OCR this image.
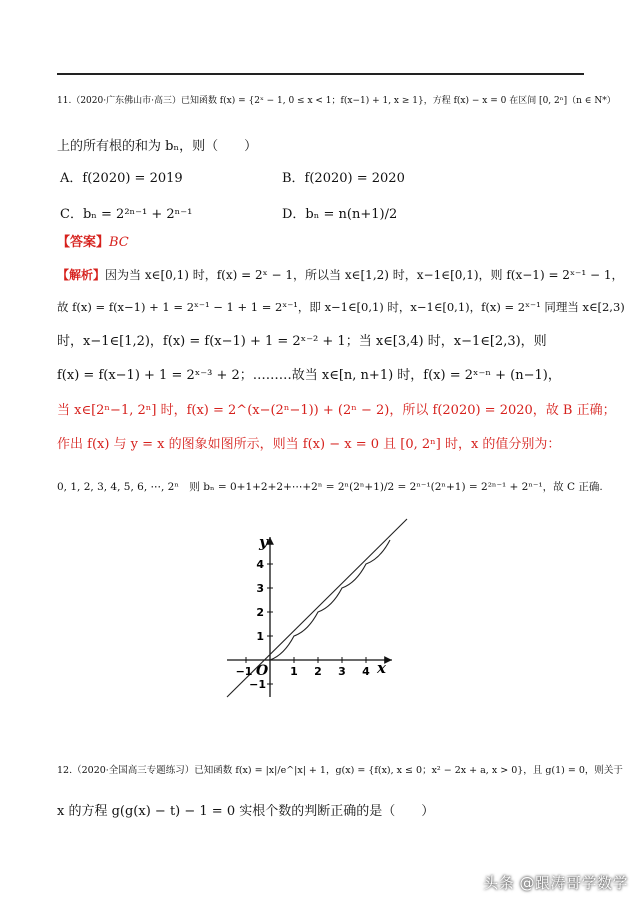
11.（2020·广东佛山市·高三）已知函数 f(x) = {2ˣ − 1, 0 ≤ x < 1；f(x−1) + 1, x ≥ 1}，方程 f(x) − x = 0 在区间 [0, 2ⁿ]（n ∈ N*）
上的所有根的和为 bₙ，则（　　）
A．f(2020) = 2019	B．f(2020) = 2020
C．bₙ = 2²ⁿ⁻¹ + 2ⁿ⁻¹	D．bₙ = n(n+1)/2
【答案】BC
【解析】因为当 x∈[0,1) 时，f(x) = 2ˣ − 1，所以当 x∈[1,2) 时，x−1∈[0,1)，则 f(x−1) = 2ˣ⁻¹ − 1，
故 f(x) = f(x−1) + 1 = 2ˣ⁻¹ − 1 + 1 = 2ˣ⁻¹，即 x−1∈[0,1) 时，x−1∈[0,1)，f(x) = 2ˣ⁻¹ 同理当 x∈[2,3)
时，x−1∈[1,2)，f(x) = f(x−1) + 1 = 2ˣ⁻² + 1；当 x∈[3,4) 时，x−1∈[2,3)，则
f(x) = f(x−1) + 1 = 2ˣ⁻³ + 2；………故当 x∈[n, n+1) 时，f(x) = 2ˣ⁻ⁿ + (n−1)，
当 x∈[2ⁿ−1, 2ⁿ] 时，f(x) = 2^(x−(2ⁿ−1)) + (2ⁿ − 2)，所以 f(2020) = 2020，故 B 正确；
作出 f(x) 与 y = x 的图象如图所示，则当 f(x) − x = 0 且 [0, 2ⁿ] 时，x 的值分别为：
0, 1, 2, 3, 4, 5, 6, ⋯, 2ⁿ　则 bₙ = 0+1+2+2+⋯+2ⁿ = 2ⁿ(2ⁿ+1)/2 = 2ⁿ⁻¹(2ⁿ+1) = 2²ⁿ⁻¹ + 2ⁿ⁻¹，故 C 正确.
y
x
O
−1	1 2 3 4
4
3
2
1
−1
12.（2020·全国高三专题练习）已知函数 f(x) = |x|/e^|x| + 1，g(x) = {f(x), x ≤ 0；x² − 2x + a, x > 0}，且 g(1) = 0，则关于
x 的方程 g(g(x) − t) − 1 = 0 实根个数的判断正确的是（　　）
头条 @跟涛哥学数学
